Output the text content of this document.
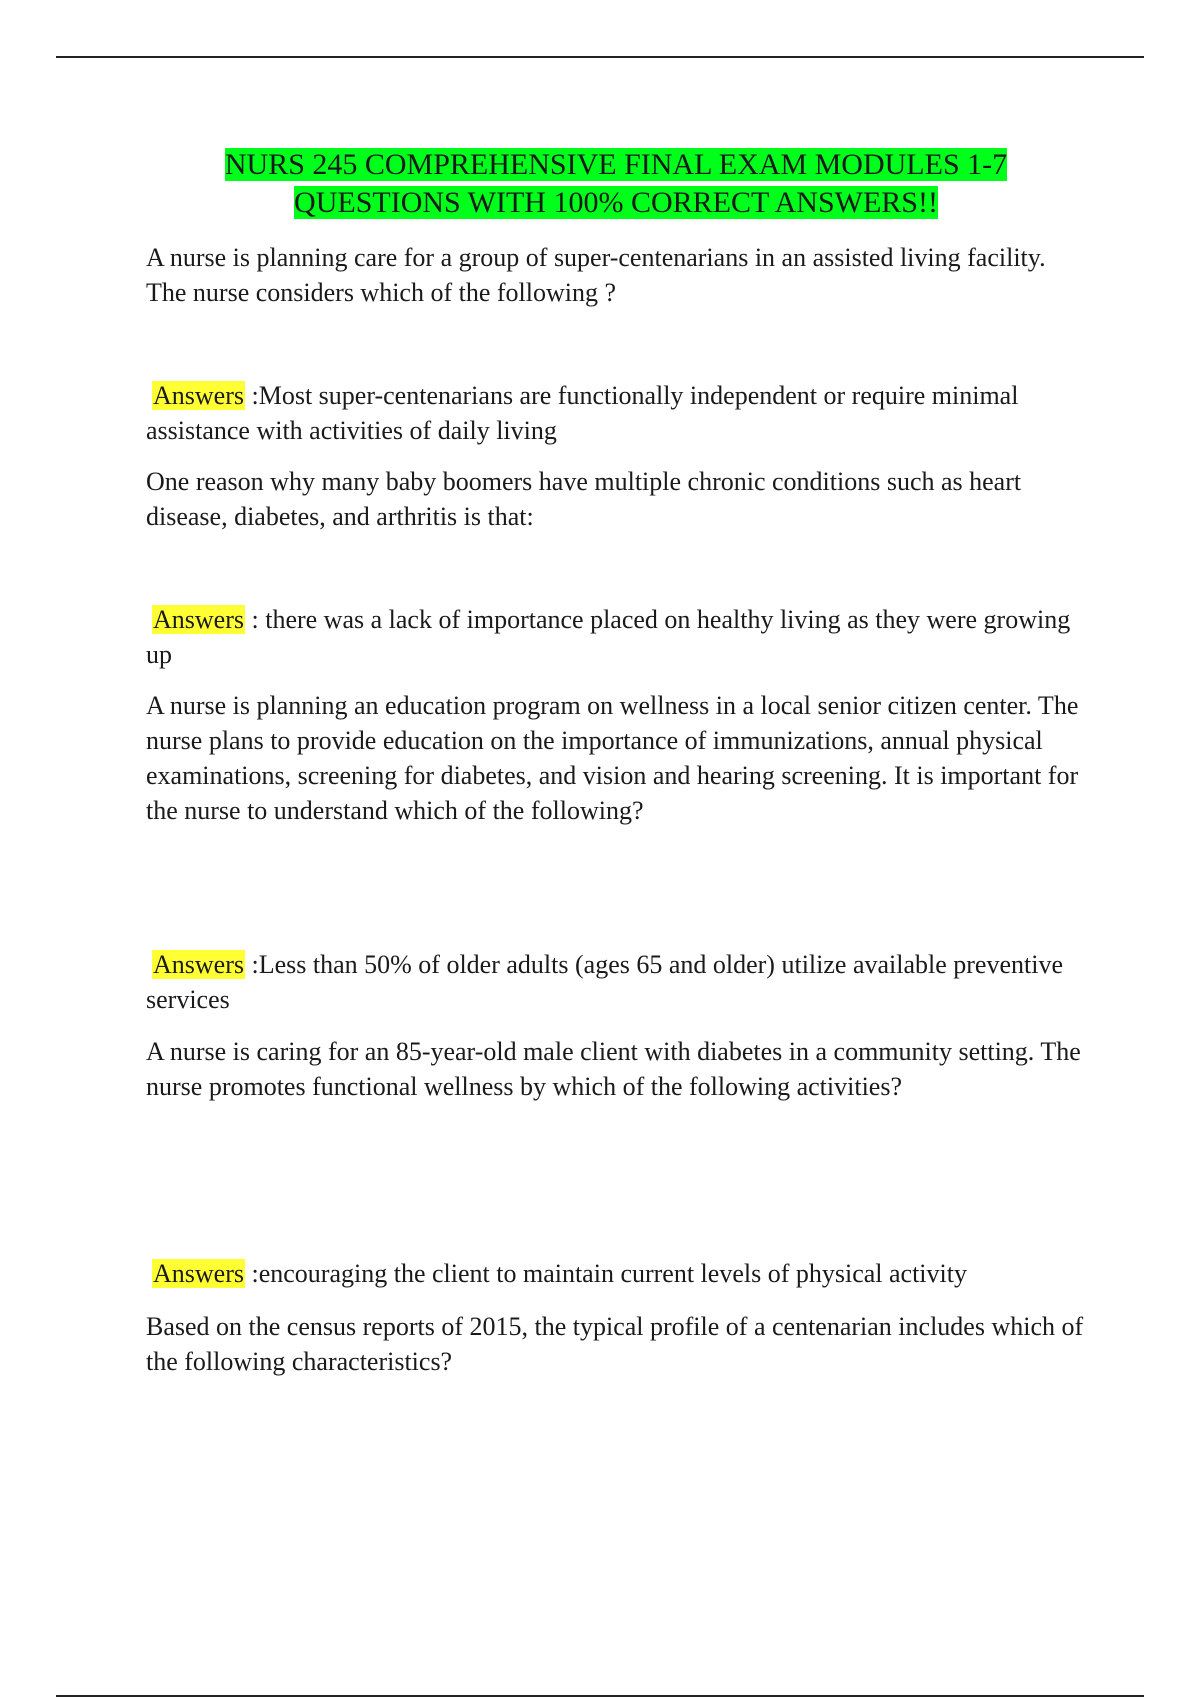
NURS 245 COMPREHENSIVE FINAL EXAM MODULES 1-7
QUESTIONS WITH 100% CORRECT ANSWERS!!

A nurse is planning care for a group of super-centenarians in an assisted living facility. The nurse considers which of the following ?

Answers :Most super-centenarians are functionally independent or require minimal assistance with activities of daily living

One reason why many baby boomers have multiple chronic conditions such as heart disease, diabetes, and arthritis is that:

Answers : there was a lack of importance placed on healthy living as they were growing up

A nurse is planning an education program on wellness in a local senior citizen center. The nurse plans to provide education on the importance of immunizations, annual physical examinations, screening for diabetes, and vision and hearing screening. It is important for the nurse to understand which of the following?

Answers :Less than 50% of older adults (ages 65 and older) utilize available preventive services

A nurse is caring for an 85-year-old male client with diabetes in a community setting. The nurse promotes functional wellness by which of the following activities?

Answers :encouraging the client to maintain current levels of physical activity

Based on the census reports of 2015, the typical profile of a centenarian includes which of the following characteristics?
